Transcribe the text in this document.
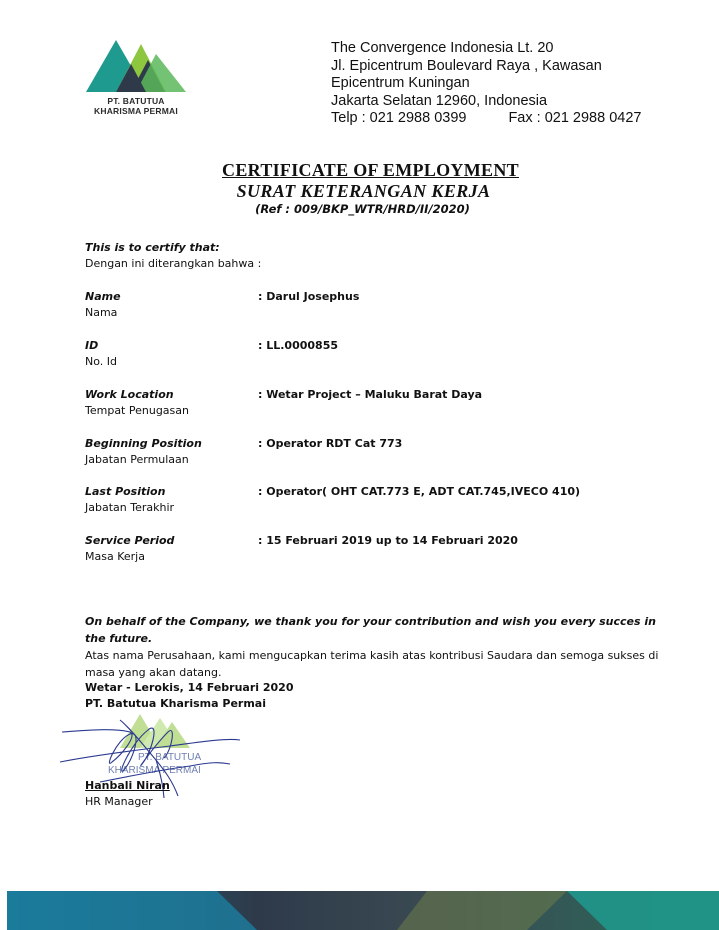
PT. BATUTUA
KHARISMA PERMAI
The Convergence Indonesia Lt. 20
Jl. Epicentrum Boulevard Raya , Kawasan
Epicentrum Kuningan
Jakarta Selatan 12960, Indonesia
Telp : 021 2988 0399	Fax : 021 2988 0427
CERTIFICATE OF EMPLOYMENT
SURAT KETERANGAN KERJA
(Ref : 009/BKP_WTR/HRD/II/2020)
This is to certify that:
Dengan ini diterangkan bahwa :
Name
Nama
: Darul Josephus
ID
No. Id
: LL.0000855
Work Location
Tempat Penugasan
: Wetar Project – Maluku Barat Daya
Beginning Position
Jabatan Permulaan
: Operator RDT Cat 773
Last Position
Jabatan Terakhir
: Operator( OHT CAT.773 E, ADT CAT.745,IVECO 410)
Service Period
Masa Kerja
: 15 Februari 2019 up to 14 Februari 2020
On behalf of the Company, we thank you for your contribution and wish you every succes in the future.
Atas nama Perusahaan, kami mengucapkan terima kasih atas kontribusi Saudara dan semoga sukses di masa yang akan datang.
PT. BATUTUA
KHARISMA PERMAI
Wetar - Lerokis, 14 Februari 2020
PT. Batutua Kharisma Permai
Hanbali Niran
HR Manager
